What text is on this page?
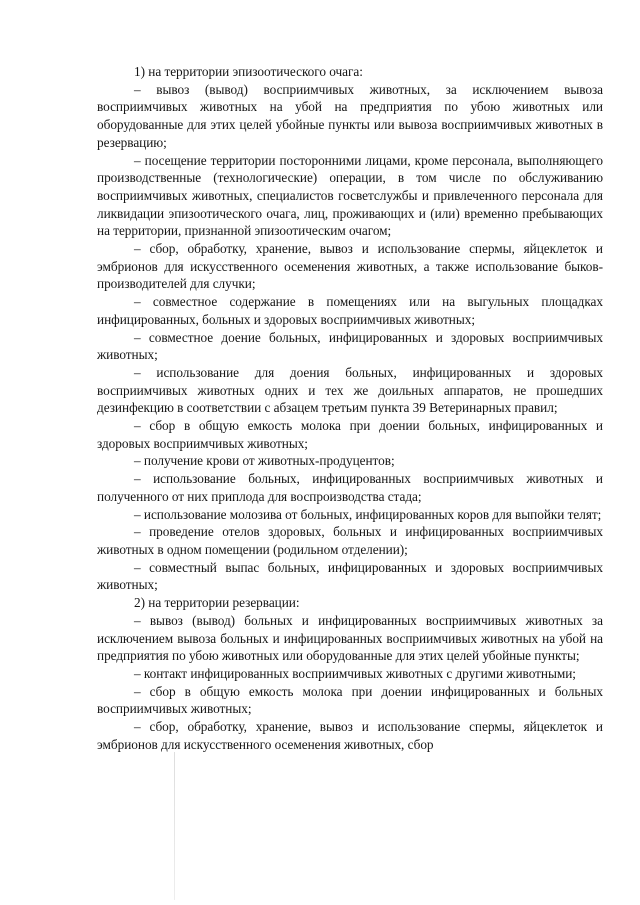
1) на территории эпизоотического очага:

– вывоз (вывод) восприимчивых животных, за исключением вывоза восприимчивых животных на убой на предприятия по убою животных или оборудованные для этих целей убойные пункты или вывоза восприимчивых животных в резервацию;

– посещение территории посторонними лицами, кроме персонала, выполняющего производственные (технологические) операции, в том числе по обслуживанию восприимчивых животных, специалистов госветслужбы и привлеченного персонала для ликвидации эпизоотического очага, лиц, проживающих и (или) временно пребывающих на территории, признанной эпизоотическим очагом;

– сбор, обработку, хранение, вывоз и использование спермы, яйцеклеток и эмбрионов для искусственного осеменения животных, а также использование быков-производителей для случки;

– совместное содержание в помещениях или на выгульных площадках инфицированных, больных и здоровых восприимчивых животных;

– совместное доение больных, инфицированных и здоровых восприимчивых животных;

– использование для доения больных, инфицированных и здоровых восприимчивых животных одних и тех же доильных аппаратов, не прошедших дезинфекцию в соответствии с абзацем третьим пункта 39 Ветеринарных правил;

– сбор в общую емкость молока при доении больных, инфицированных и здоровых восприимчивых животных;

– получение крови от животных-продуцентов;

– использование больных, инфицированных восприимчивых животных и полученного от них приплода для воспроизводства стада;

– использование молозива от больных, инфицированных коров для выпойки телят;

– проведение отелов здоровых, больных и инфицированных восприимчивых животных в одном помещении (родильном отделении);

– совместный выпас больных, инфицированных и здоровых восприимчивых животных;

2) на территории резервации:

– вывоз (вывод) больных и инфицированных восприимчивых животных за исключением вывоза больных и инфицированных восприимчивых животных на убой на предприятия по убою животных или оборудованные для этих целей убойные пункты;

– контакт инфицированных восприимчивых животных с другими животными;

– сбор в общую емкость молока при доении инфицированных и больных восприимчивых животных;

– сбор, обработку, хранение, вывоз и использование спермы, яйцеклеток и эмбрионов для искусственного осеменения животных, сбор
